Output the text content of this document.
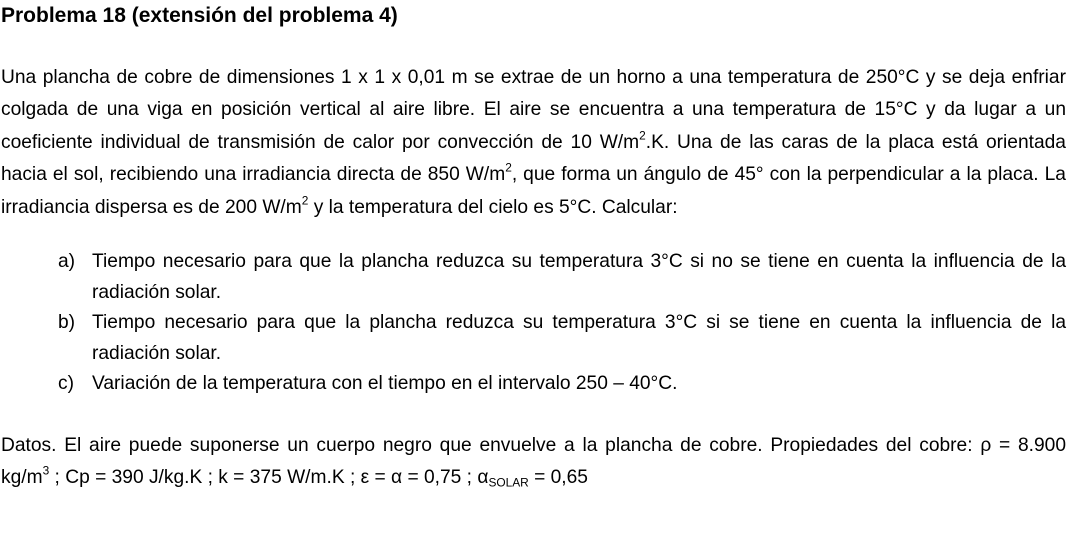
Problema 18 (extensión del problema 4)

Una plancha de cobre de dimensiones 1 x 1 x 0,01 m se extrae de un horno a una temperatura de 250°C y se deja enfriar colgada de una viga en posición vertical al aire libre. El aire se encuentra a una temperatura de 15°C y da lugar a un coeficiente individual de transmisión de calor por convección de 10 $W/m^2.K$. Una de las caras de la placa está orientada hacia el sol, recibiendo una irradiancia directa de 850 $W/m^2$, que forma un ángulo de 45° con la perpendicular a la placa. La irradiancia dispersa es de 200 $W/m^2$ y la temperatura del cielo es 5°C. Calcular:

a) Tiempo necesario para que la plancha reduzca su temperatura 3°C si no se tiene en cuenta la influencia de la radiación solar.
b) Tiempo necesario para que la plancha reduzca su temperatura 3°C si se tiene en cuenta la influencia de la radiación solar.
c) Variación de la temperatura con el tiempo en el intervalo 250 – 40°C.

Datos. El aire puede suponerse un cuerpo negro que envuelve a la plancha de cobre. Propiedades del cobre: ρ = 8.900 $kg/m^3$ ; Cp = 390 J/kg.K ; k = 375 W/m.K ; ε = α = 0,75 ; $\alpha_{SOLAR} = 0,65$
